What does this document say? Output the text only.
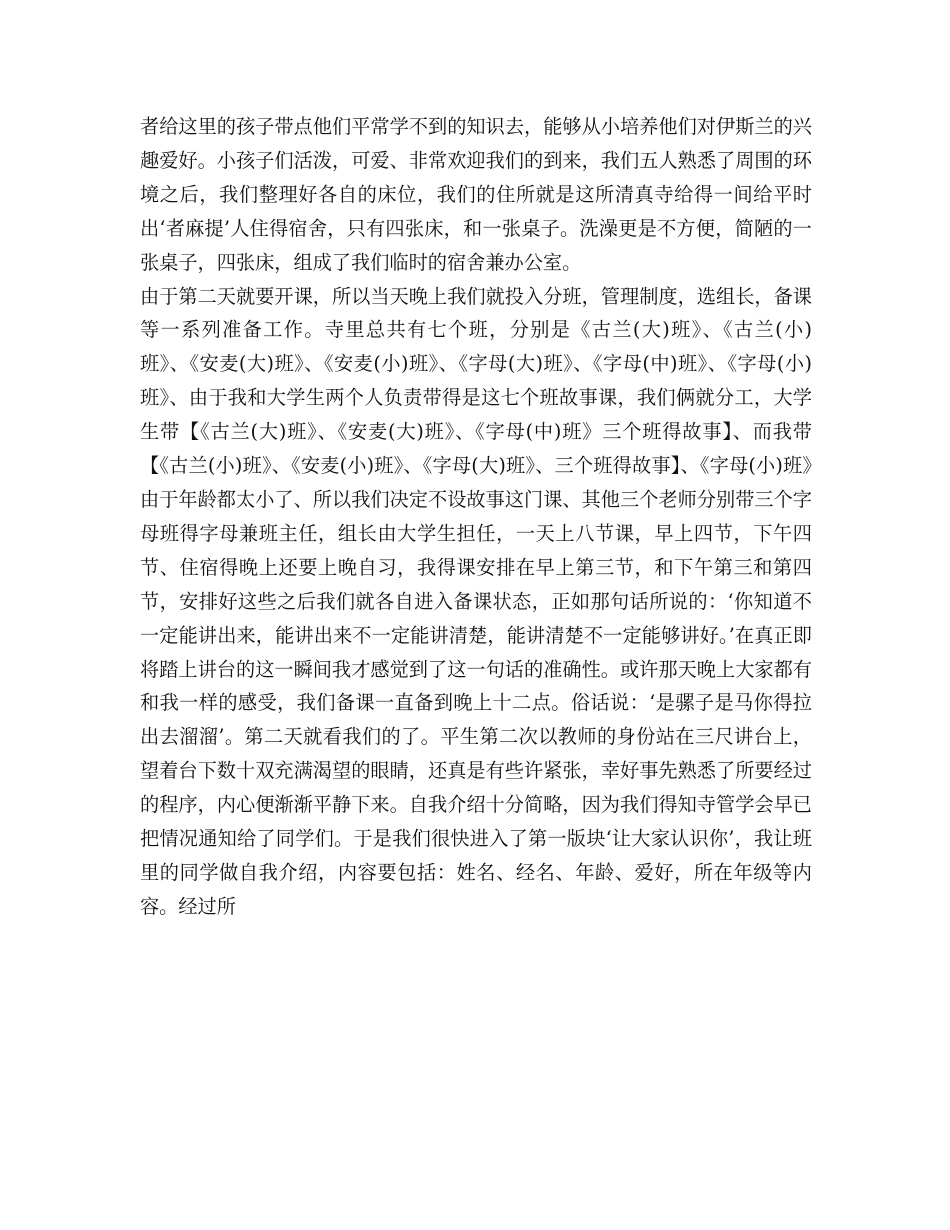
者给这里的孩子带点他们平常学不到的知识去，能够从小培养他们对伊斯兰的兴趣爱好。小孩子们活泼，可爱、非常欢迎我们的到来，我们五人熟悉了周围的环境之后，我们整理好各自的床位，我们的住所就是这所清真寺给得一间给平时出‘者麻提’人住得宿舍，只有四张床，和一张桌子。洗澡更是不方便，简陋的一张桌子，四张床，组成了我们临时的宿舍兼办公室。

由于第二天就要开课，所以当天晚上我们就投入分班，管理制度，选组长，备课等一系列准备工作。寺里总共有七个班，分别是《古兰(大)班》、《古兰(小)班》、《安麦(大)班》、《安麦(小)班》、《字母(大)班》、《字母(中)班》、《字母(小)班》、由于我和大学生两个人负责带得是这七个班故事课，我们俩就分工，大学生带【《古兰(大)班》、《安麦(大)班》、《字母(中)班》三个班得故事】、而我带【《古兰(小)班》、《安麦(小)班》、《字母(大)班》、三个班得故事】、《字母(小)班》由于年龄都太小了、所以我们决定不设故事这门课、其他三个老师分别带三个字母班得字母兼班主任，组长由大学生担任，一天上八节课，早上四节，下午四节、住宿得晚上还要上晚自习，我得课安排在早上第三节，和下午第三和第四节，安排好这些之后我们就各自进入备课状态，正如那句话所说的：‘你知道不一定能讲出来，能讲出来不一定能讲清楚，能讲清楚不一定能够讲好。’在真正即将踏上讲台的这一瞬间我才感觉到了这一句话的准确性。或许那天晚上大家都有和我一样的感受，我们备课一直备到晚上十二点。俗话说：‘是骡子是马你得拉出去溜溜’。第二天就看我们的了。平生第二次以教师的身份站在三尺讲台上，望着台下数十双充满渴望的眼睛，还真是有些许紧张，幸好事先熟悉了所要经过的程序，内心便渐渐平静下来。自我介绍十分简略，因为我们得知寺管学会早已把情况通知给了同学们。于是我们很快进入了第一版块‘让大家认识你’，我让班里的同学做自我介绍，内容要包括：姓名、经名、年龄、爱好，所在年级等内容。经过所
